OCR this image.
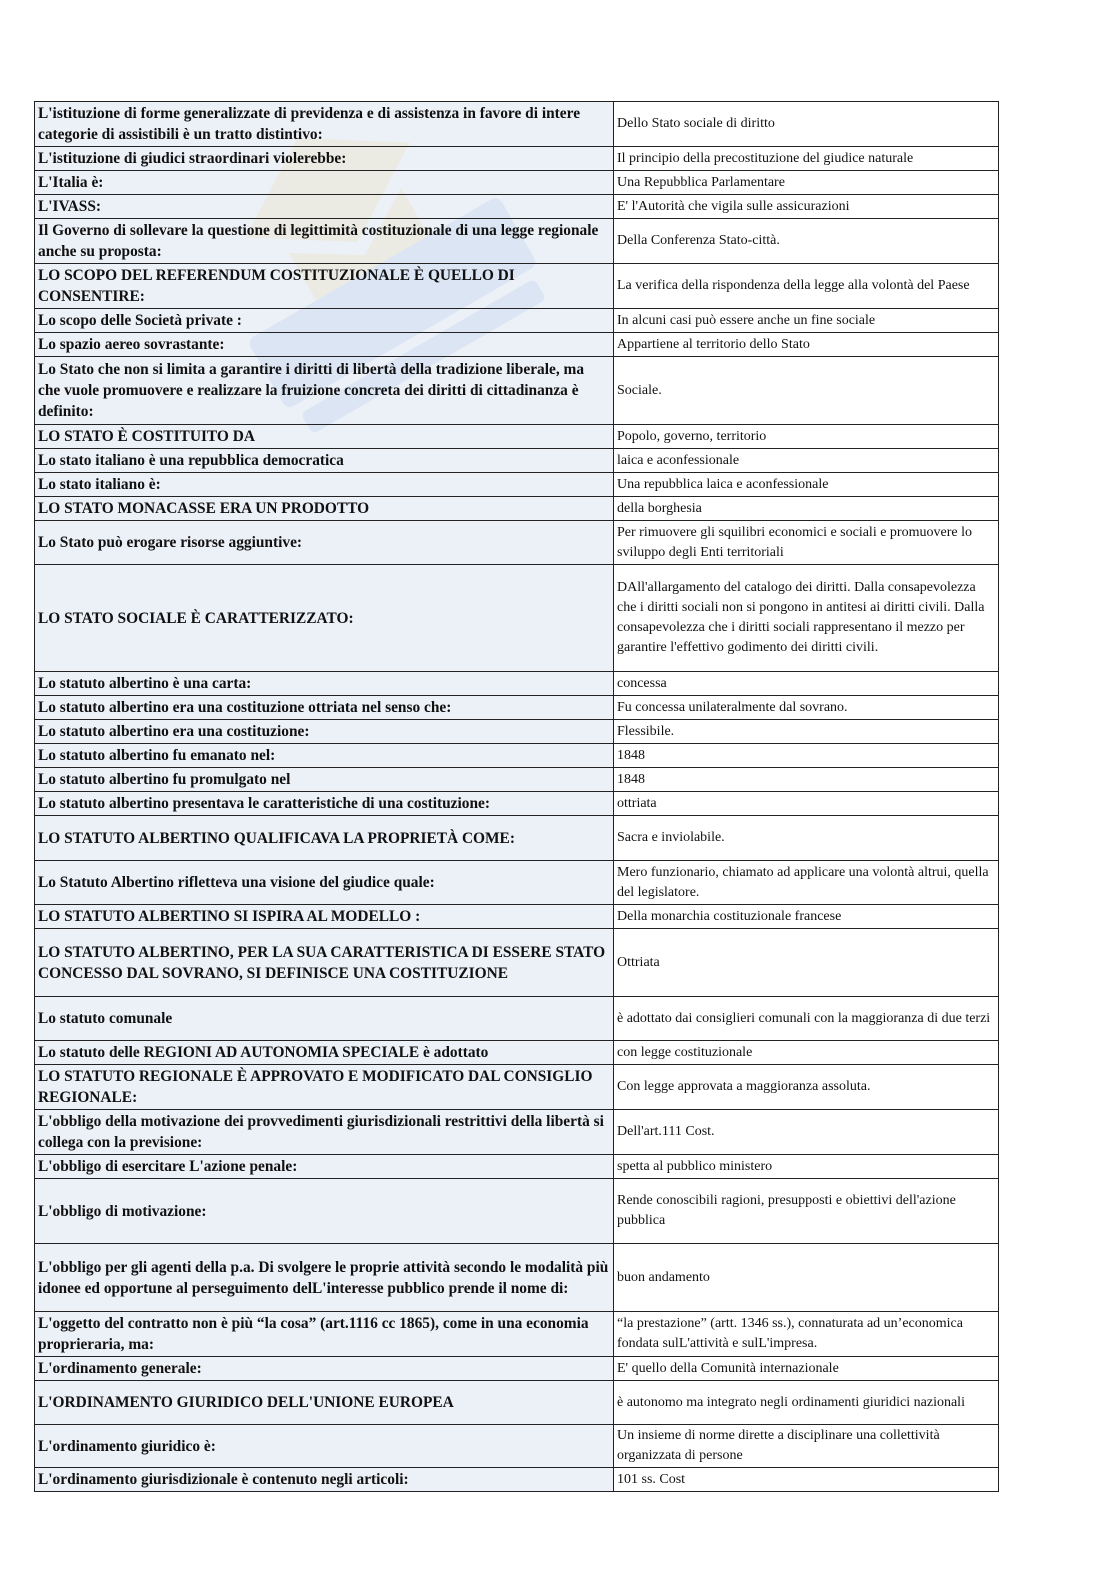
L'istituzione di forme generalizzate di previdenza e di assistenza in favore di intere categorie di assistibili è un tratto distintivo:	Dello Stato sociale di diritto
L'istituzione di giudici straordinari violerebbe:	Il principio della precostituzione del giudice naturale
L'Italia è:	Una Repubblica Parlamentare
L'IVASS:	E' l'Autorità che vigila sulle assicurazioni
Il Governo di sollevare la questione di legittimità costituzionale di una legge regionale anche su proposta:	Della Conferenza Stato-città.
LO SCOPO DEL REFERENDUM COSTITUZIONALE È QUELLO DI CONSENTIRE:	La verifica della rispondenza della legge alla volontà del Paese
Lo scopo delle Società private :	In alcuni casi può essere anche un fine sociale
Lo spazio aereo sovrastante:	Appartiene al territorio dello Stato
Lo Stato che non si limita a garantire i diritti di libertà della tradizione liberale, ma che vuole promuovere e realizzare la fruizione concreta dei diritti di cittadinanza è definito:	Sociale.
LO STATO È COSTITUITO DA	Popolo, governo, territorio
Lo stato italiano è una repubblica democratica	laica e aconfessionale
Lo stato italiano è:	Una repubblica laica e aconfessionale
LO STATO MONACASSE ERA UN PRODOTTO	della borghesia
Lo Stato può erogare risorse aggiuntive:	Per rimuovere gli squilibri economici e sociali e promuovere lo sviluppo degli Enti territoriali
LO STATO SOCIALE È CARATTERIZZATO:	DAll'allargamento del catalogo dei diritti. Dalla consapevolezza che i diritti sociali non si pongono in antitesi ai diritti civili. Dalla consapevolezza che i diritti sociali rappresentano il mezzo per garantire l'effettivo godimento dei diritti civili.
Lo statuto albertino è una carta:	concessa
Lo statuto albertino era una costituzione ottriata nel senso che:	Fu concessa unilateralmente dal sovrano.
Lo statuto albertino era una costituzione:	Flessibile.
Lo statuto albertino fu emanato nel:	1848
Lo statuto albertino fu promulgato nel	1848
Lo statuto albertino presentava le caratteristiche di una costituzione:	ottriata
LO STATUTO ALBERTINO QUALIFICAVA LA PROPRIETÀ COME:	Sacra e inviolabile.
Lo Statuto Albertino rifletteva una visione del giudice quale:	Mero funzionario, chiamato ad applicare una volontà altrui, quella del legislatore.
LO STATUTO ALBERTINO SI ISPIRA AL MODELLO :	Della monarchia costituzionale francese
LO STATUTO ALBERTINO, PER LA SUA CARATTERISTICA DI ESSERE STATO CONCESSO DAL SOVRANO, SI DEFINISCE UNA COSTITUZIONE	Ottriata
Lo statuto comunale	è adottato dai consiglieri comunali con la maggioranza di due terzi
Lo statuto delle REGIONI AD AUTONOMIA SPECIALE è adottato	con legge costituzionale
LO STATUTO REGIONALE È APPROVATO E MODIFICATO DAL CONSIGLIO REGIONALE:	Con legge approvata a maggioranza assoluta.
L'obbligo della motivazione dei provvedimenti giurisdizionali restrittivi della libertà si collega con la previsione:	Dell'art.111 Cost.
L'obbligo di esercitare L'azione penale:	spetta al pubblico ministero
L'obbligo di motivazione:	Rende conoscibili ragioni, presupposti e obiettivi dell'azione
pubblica
L'obbligo per gli agenti della p.a. Di svolgere le proprie attività secondo le modalità più idonee ed opportune al perseguimento delL'interesse pubblico prende il nome di:	buon andamento
L'oggetto del contratto non è più “la cosa” (art.1116 cc 1865), come in una economia proprieraria, ma:	“la prestazione” (artt. 1346 ss.), connaturata ad un’economica fondata sulL'attività e sulL'impresa.
L'ordinamento generale:	E' quello della Comunità internazionale
L'ORDINAMENTO GIURIDICO DELL'UNIONE EUROPEA	è autonomo ma integrato negli ordinamenti giuridici nazionali
L'ordinamento giuridico è:	Un insieme di norme dirette a disciplinare una collettività organizzata di persone
L'ordinamento giurisdizionale è contenuto negli articoli:	101 ss. Cost
